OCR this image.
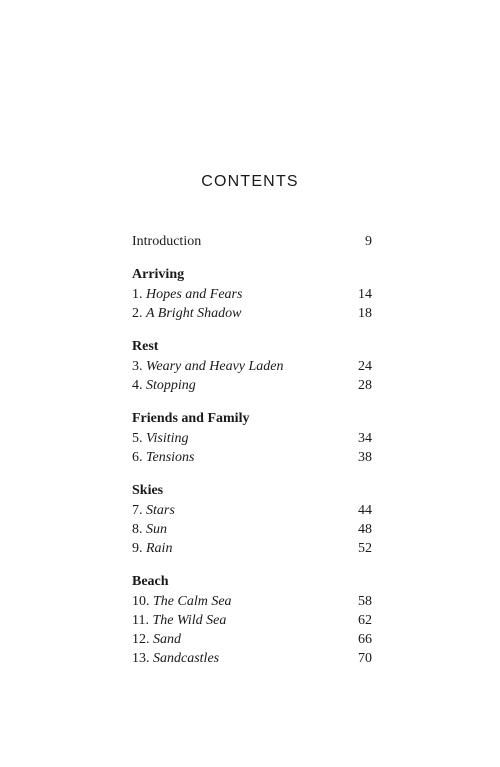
CONTENTS
Introduction	9
Arriving
1. Hopes and Fears	14
2. A Bright Shadow	18
Rest
3. Weary and Heavy Laden	24
4. Stopping	28
Friends and Family
5. Visiting	34
6. Tensions	38
Skies
7. Stars	44
8. Sun	48
9. Rain	52
Beach
10. The Calm Sea	58
11. The Wild Sea	62
12. Sand	66
13. Sandcastles	70
